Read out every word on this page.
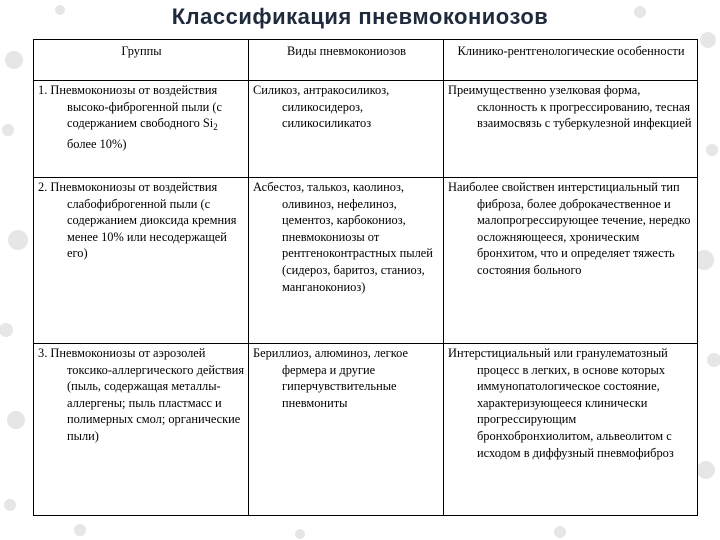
Классификация пневмокониозов
Группы	Виды пневмокониозов	Клинико-рентгенологические особенности

1. Пневмокониозы от воздействия высоко-фиброгенной пыли (с содержанием свободного $Si_2$ более 10%)	Силикоз, антракосиликоз, силикосидероз, силикосиликатоз	Преимущественно узелковая форма, склонность к прогрессированию, тесная взаимосвязь с туберкулезной инфекцией

2. Пневмокониозы от воздействия слабофиброгенной пыли (с содержанием диоксида кремния менее 10% или несодержащей его)	Асбестоз, талькоз, каолиноз, оливиноз, нефелиноз, цементоз, карбокониоз, пневмокониозы от рентгеноконтрастных пылей (сидероз, баритоз, станиоз, манганокониоз)	Наиболее свойствен интерстициальный тип фиброза, более доброкачественное и малопрогрессирующее течение, нередко осложняющееся, хроническим бронхитом, что и определяет тяжесть состояния больного

3. Пневмокониозы от аэрозолей токсико-аллергического действия (пыль, содержащая металлы-аллергены; пыль пластмасс и полимерных смол; органические пыли)	Бериллиоз, алюминоз, легкое фермера и другие гиперчувствительные пневмониты	Интерстициальный или гранулематозный процесс в легких, в основе которых иммунопатологическое состояние, характеризующееся клинически прогрессирующим бронхобронхиолитом, альвеолитом с исходом в диффузный пневмофиброз
